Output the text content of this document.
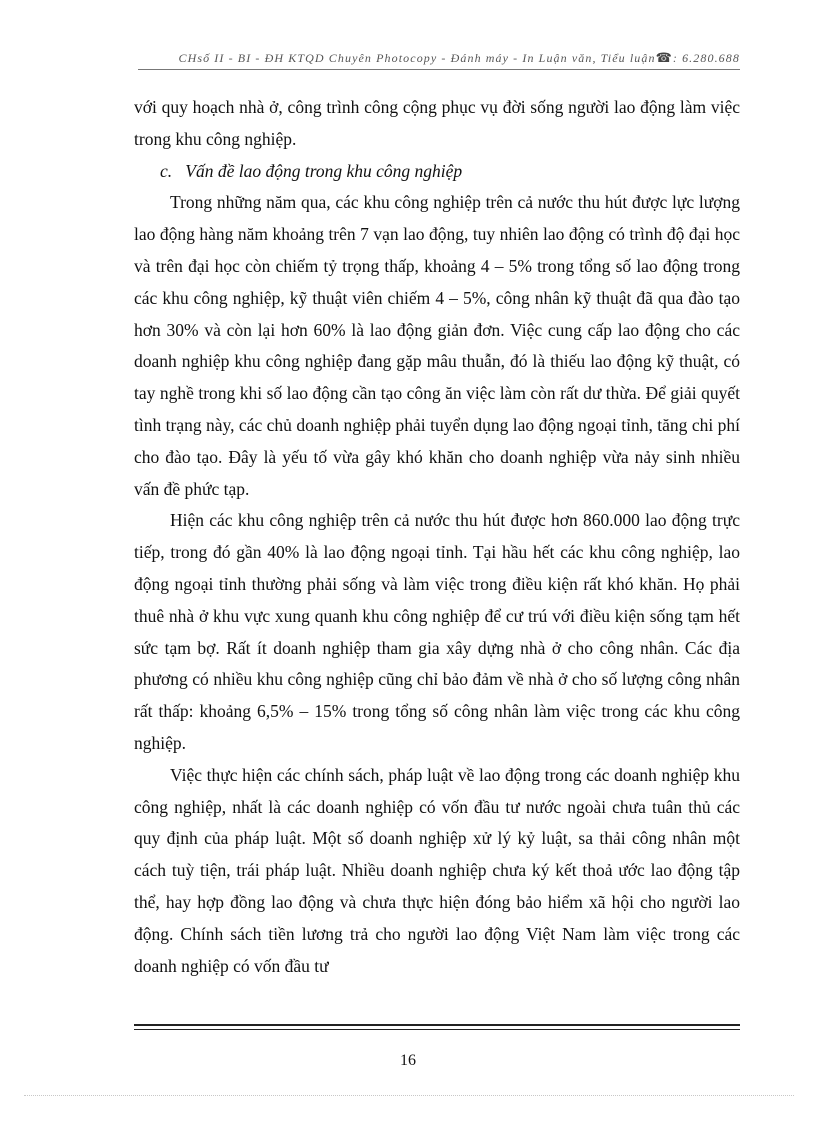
CHsố II - BI - ĐH KTQD Chuyên Photocopy - Đánh máy - In Luận văn, Tiểu luận☎: 6.280.688

với quy hoạch nhà ở, công trình công cộng phục vụ đời sống người lao động làm việc trong khu công nghiệp.

c.   Vấn đề lao động trong khu công nghiệp

Trong những năm qua, các khu công nghiệp trên cả nước thu hút được lực lượng lao động hàng năm khoảng trên 7 vạn lao động, tuy nhiên lao động có trình độ đại học và trên đại học còn chiếm tỷ trọng thấp, khoảng 4 – 5% trong tổng số lao động trong các khu công nghiệp, kỹ thuật viên chiếm 4 – 5%, công nhân kỹ thuật đã qua đào tạo hơn 30% và còn lại hơn 60% là lao động giản đơn. Việc cung cấp lao động cho các doanh nghiệp khu công nghiệp đang gặp mâu thuẫn, đó là thiếu lao động kỹ thuật, có tay nghề trong khi số lao động cần tạo công ăn việc làm còn rất dư thừa. Để giải quyết tình trạng này, các chủ doanh nghiệp phải tuyển dụng lao động ngoại tỉnh, tăng chi phí cho đào tạo. Đây là yếu tố vừa gây khó khăn cho doanh nghiệp vừa nảy sinh nhiều vấn đề phức tạp.

Hiện các khu công nghiệp trên cả nước thu hút được hơn 860.000 lao động trực tiếp, trong đó gần 40% là lao động ngoại tỉnh. Tại hầu hết các khu công nghiệp, lao động ngoại tỉnh thường phải sống và làm việc trong điều kiện rất khó khăn. Họ phải thuê nhà ở khu vực xung quanh khu công nghiệp để cư trú với điều kiện sống tạm hết sức tạm bợ. Rất ít doanh nghiệp tham gia xây dựng nhà ở cho công nhân. Các địa phương có nhiều khu công nghiệp cũng chỉ bảo đảm về nhà ở cho số lượng công nhân rất thấp: khoảng 6,5% – 15% trong tổng số công nhân làm việc trong các khu công nghiệp.

Việc thực hiện các chính sách, pháp luật về lao động trong các doanh nghiệp khu công nghiệp, nhất là các doanh nghiệp có vốn đầu tư nước ngoài chưa tuân thủ các quy định của pháp luật. Một số doanh nghiệp xử lý kỷ luật, sa thải công nhân một cách tuỳ tiện, trái pháp luật. Nhiều doanh nghiệp chưa ký kết thoả ước lao động tập thể, hay hợp đồng lao động và chưa thực hiện đóng bảo hiểm xã hội cho người lao động. Chính sách tiền lương trả cho người lao động Việt Nam làm việc trong các doanh nghiệp có vốn đầu tư

16
